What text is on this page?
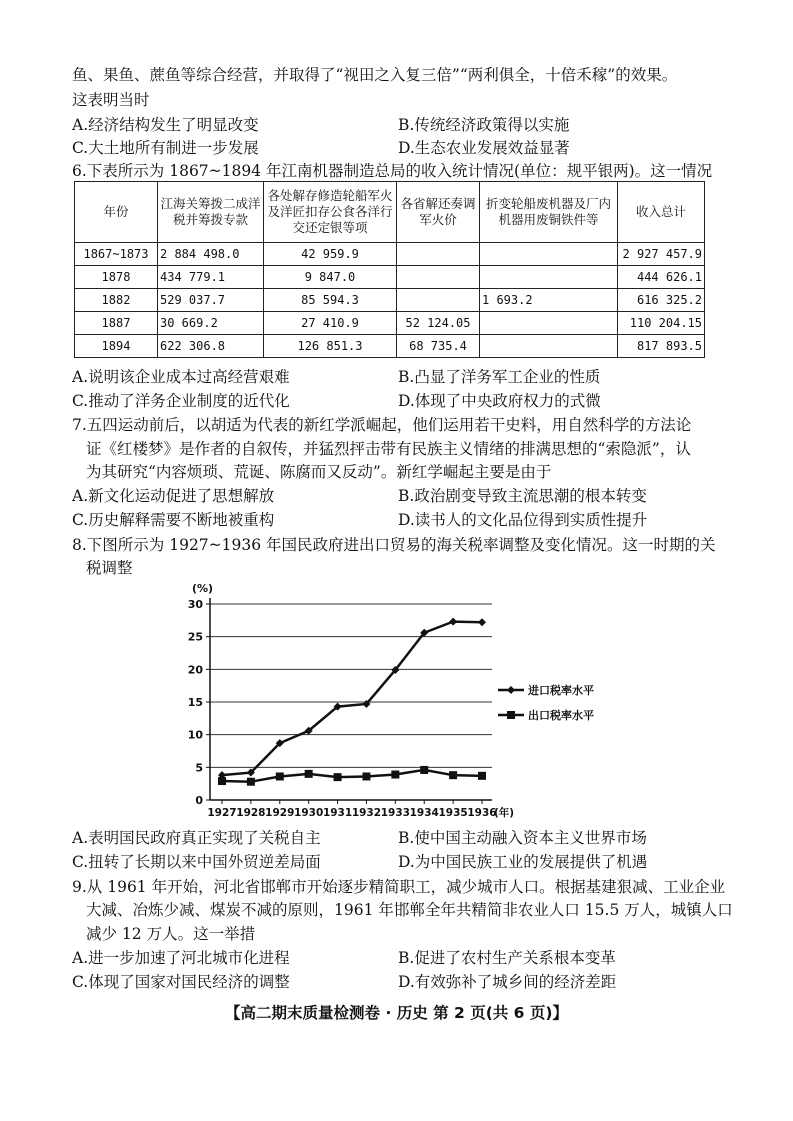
鱼、果鱼、蔗鱼等综合经营，并取得了“视田之入复三倍”“两利俱全，十倍禾稼”的效果。
这表明当时
A.经济结构发生了明显改变	B.传统经济政策得以实施
C.大土地所有制进一步发展	D.生态农业发展效益显著
6.下表所示为 1867~1894 年江南机器制造总局的收入统计情况(单位：规平银两)。这一情况
年份	江海关筹拨二成洋税并筹拨专款	各处解存修造轮船军火及洋匠扣存公食各洋行交还定银等项	各省解还奏调军火价	折变轮船废机器及厂内机器用废铜铁件等	收入总计
1867~1873	2 884 498.0	42 959.9			2 927 457.9
1878	434 779.1	9 847.0			444 626.1
1882	529 037.7	85 594.3		1 693.2	616 325.2
1887	30 669.2	27 410.9	52 124.05		110 204.15
1894	622 306.8	126 851.3	68 735.4		817 893.5
A.说明该企业成本过高经营艰难	B.凸显了洋务军工企业的性质
C.推动了洋务企业制度的近代化	D.体现了中央政府权力的式微
7.五四运动前后，以胡适为代表的新红学派崛起，他们运用若干史料，用自然科学的方法论
证《红楼梦》是作者的自叙传，并猛烈抨击带有民族主义情绪的排满思想的“索隐派”，认
为其研究“内容烦琐、荒诞、陈腐而又反动”。新红学崛起主要是由于
A.新文化运动促进了思想解放	B.政治剧变导致主流思潮的根本转变
C.历史解释需要不断地被重构	D.读书人的文化品位得到实质性提升
8.下图所示为 1927~1936 年国民政府进出口贸易的海关税率调整及变化情况。这一时期的关
税调整
0
5
10
15
20
25
30
(%)
1927 1928 1929 1930 1931 1932 1933 1934 1935 1936
(年)
进口税率水平
出口税率水平
A.表明国民政府真正实现了关税自主	B.使中国主动融入资本主义世界市场
C.扭转了长期以来中国外贸逆差局面	D.为中国民族工业的发展提供了机遇
9.从 1961 年开始，河北省邯郸市开始逐步精简职工，减少城市人口。根据基建狠减、工业企业
大减、冶炼少减、煤炭不减的原则，1961 年邯郸全年共精简非农业人口 15.5 万人，城镇人口
减少 12 万人。这一举措
A.进一步加速了河北城市化进程	B.促进了农村生产关系根本变革
C.体现了国家对国民经济的调整	D.有效弥补了城乡间的经济差距
【高二期末质量检测卷 · 历史 第 2 页(共 6 页)】
